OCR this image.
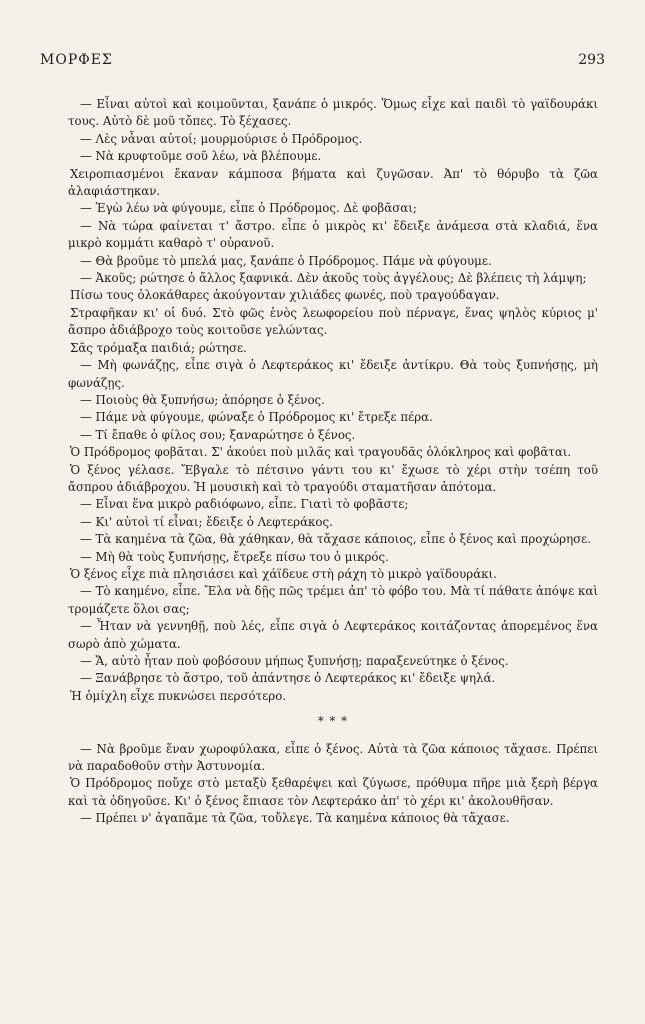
ΜΟΡΦΕΣ	293

— Εἶναι αὐτοὶ καὶ κοιμοῦνται, ξανάπε ὁ μικρός. Ὅμως εἶχε καὶ παιδὶ τὸ γαϊδουράκι τους. Αὐτὸ δὲ μοῦ τὄπες. Τὸ ξέχασες.

— Λὲς νἆναι αὐτοί; μουρμούρισε ὁ Πρόδρομος.

— Νὰ κρυφτοῦμε σοῦ λέω, νὰ βλέπουμε.

Χειροπιασμένοι ἔκαναν κάμποσα βήματα καὶ ζυγῶσαν. Ἀπ' τὸ θόρυβο τὰ ζῶα ἀλαφιάστηκαν.

— Ἐγὼ λέω νὰ φύγουμε, εἶπε ὁ Πρόδρομος. Δὲ φοβᾶσαι;

— Νὰ τώρα φαίνεται τ' ἄστρο. εἶπε ὁ μικρὸς κι' ἔδειξε ἀνάμεσα στὰ κλαδιά, ἕνα μικρὸ κομμάτι καθαρὸ τ' οὐρανοῦ.

— Θὰ βροῦμε τὸ μπελά μας, ξανάπε ὁ Πρόδρομος. Πάμε νὰ φύγουμε.

— Ἀκοῦς; ρώτησε ὁ ἄλλος ξαφνικά. Δὲν ἀκοῦς τοὺς ἀγγέλους; Δὲ βλέπεις τὴ λάμψη;

Πίσω τους ὁλοκάθαρες ἀκούγονταν χιλιάδες φωνές, ποὺ τραγούδαγαν.

Στραφῆκαν κι' οἱ δυό. Στὸ φῶς ἑνὸς λεωφορείου ποὺ πέρναγε, ἕνας ψηλὸς κύριος μ' ἄσπρο ἀδιάβροχο τοὺς κοιτοῦσε γελώντας.

Σᾶς τρόμαξα παιδιά; ρώτησε.

— Μὴ φωνάζῃς, εἶπε σιγὰ ὁ Λεφτεράκος κι' ἔδειξε ἀντίκρυ. Θὰ τοὺς ξυπνήσῃς, μὴ φωνάζῃς.

— Ποιοὺς θὰ ξυπνήσω; ἀπόρησε ὁ ξένος.

— Πάμε νὰ φύγουμε, φώναξε ὁ Πρόδρομος κι' ἔτρεξε πέρα.

— Τί ἔπαθε ὁ φίλος σου; ξαναρώτησε ὁ ξένος.

Ὁ Πρόδρομος φοβᾶται. Σ' ἀκούει ποὺ μιλᾶς καὶ τραγουδᾶς ὁλόκληρος καὶ φοβᾶται.

Ὁ ξένος γέλασε. Ἔβγαλε τὸ πέτσινο γάντι του κι' ἔχωσε τὸ χέρι στὴν τσέπη τοῦ ἄσπρου ἀδιάβροχου. Ἡ μουσικὴ καὶ τὸ τραγούδι σταματῆσαν ἀπότομα.

— Εἶναι ἕνα μικρὸ ραδιόφωνο, εἶπε. Γιατὶ τὸ φοβᾶστε;

— Κι' αὐτοὶ τί εἶναι; ἔδειξε ὁ Λεφτεράκος.

— Τὰ καημένα τὰ ζῶα, θὰ χάθηκαν, θὰ τἄχασε κάποιος, εἶπε ὁ ξένος καὶ προχώρησε.

— Μὴ θὰ τοὺς ξυπνήσῃς, ἔτρεξε πίσω του ὁ μικρός.

Ὁ ξένος εἶχε πιὰ πλησιάσει καὶ χάϊδευε στὴ ράχη τὸ μικρὸ γαϊδουράκι.

— Τὸ καημένο, εἶπε. Ἔλα νὰ δῇς πῶς τρέμει ἀπ' τὸ φόβο του. Μὰ τί πάθατε ἀπόψε καὶ τρομάζετε ὅλοι σας;

— Ἦταν νὰ γεννηθῇ, ποὺ λές, εἶπε σιγὰ ὁ Λεφτεράκος κοιτάζοντας ἀπορεμένος ἕνα σωρὸ ἀπὸ χώματα.

— Ἄ, αὐτὸ ἦταν ποὺ φοβόσουν μήπως ξυπνήσῃ; παραξενεύτηκε ὁ ξένος.

— Ξανάβρησε τὸ ἄστρο, τοῦ ἀπάντησε ὁ Λεφτεράκος κι' ἔδειξε ψηλά.

Ἡ ὁμίχλη εἶχε πυκνώσει περσότερο.

* * *

— Νὰ βροῦμε ἕναν χωροφύλακα, εἶπε ὁ ξένος. Αὐτὰ τὰ ζῶα κάποιος τἄχασε. Πρέπει νὰ παραδοθοῦν στὴν Ἀστυνομία.

Ὁ Πρόδρομος ποὔχε στὸ μεταξὺ ξεθαρέψει καὶ ζύγωσε, πρόθυμα πῆρε μιὰ ξερὴ βέργα καὶ τὰ ὁδηγοῦσε. Κι' ὁ ξένος ἔπιασε τὸν Λεφτεράκο ἀπ' τὸ χέρι κι' ἀκολουθῆσαν.

— Πρέπει ν' ἀγαπᾶμε τὰ ζῶα, τοὔλεγε. Τὰ καημένα κάποιος θὰ τἄχασε.
